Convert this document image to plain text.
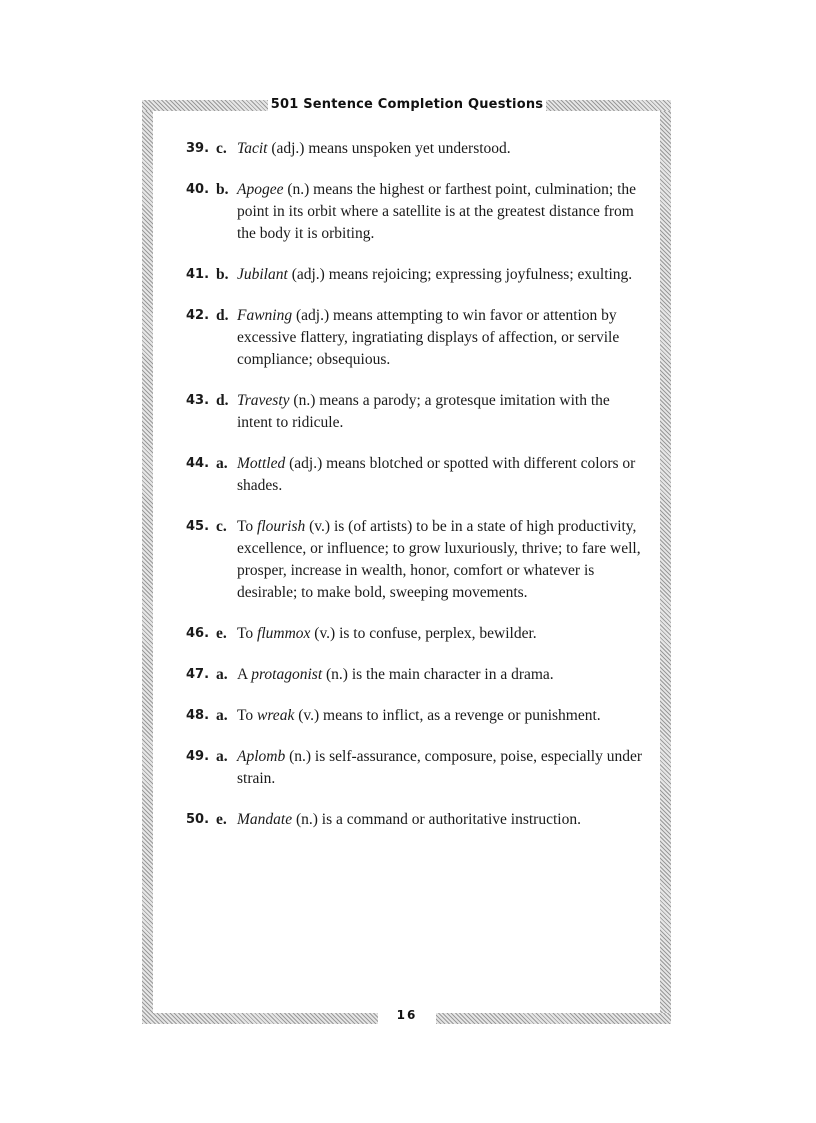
501 Sentence Completion Questions
39. c. Tacit (adj.) means unspoken yet understood.
40. b. Apogee (n.) means the highest or farthest point, culmination; the point in its orbit where a satellite is at the greatest distance from the body it is orbiting.
41. b. Jubilant (adj.) means rejoicing; expressing joyfulness; exulting.
42. d. Fawning (adj.) means attempting to win favor or attention by excessive flattery, ingratiating displays of affection, or servile compliance; obsequious.
43. d. Travesty (n.) means a parody; a grotesque imitation with the intent to ridicule.
44. a. Mottled (adj.) means blotched or spotted with different colors or shades.
45. c. To flourish (v.) is (of artists) to be in a state of high productivity, excellence, or influence; to grow luxuriously, thrive; to fare well, prosper, increase in wealth, honor, comfort or whatever is desirable; to make bold, sweeping movements.
46. e. To flummox (v.) is to confuse, perplex, bewilder.
47. a. A protagonist (n.) is the main character in a drama.
48. a. To wreak (v.) means to inflict, as a revenge or punishment.
49. a. Aplomb (n.) is self-assurance, composure, poise, especially under strain.
50. e. Mandate (n.) is a command or authoritative instruction.
16
